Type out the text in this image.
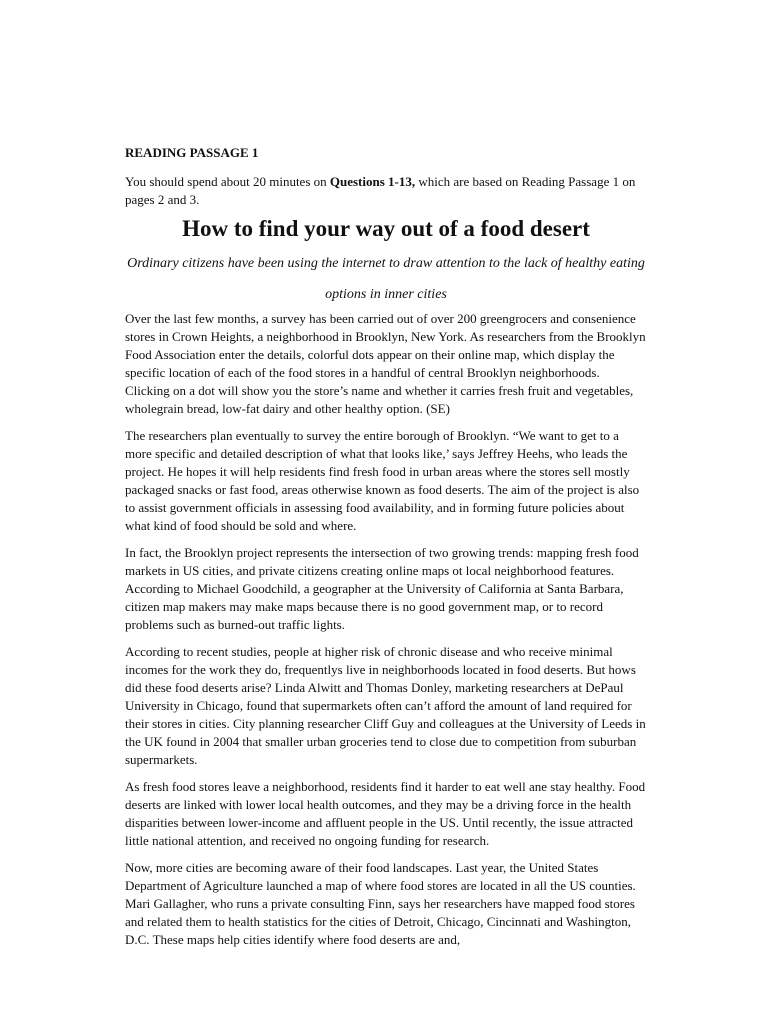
READING PASSAGE 1
You should spend about 20 minutes on Questions 1-13, which are based on Reading Passage 1 on pages 2 and 3.
How to find your way out of a food desert
Ordinary citizens have been using the internet to draw attention to the lack of healthy eating options in inner cities

Over the last few months, a survey has been carried out of over 200 greengrocers and consenience stores in Crown Heights, a neighborhood in Brooklyn, New York. As researchers from the Brooklyn Food Association enter the details, colorful dots appear on their online map, which display the specific location of each of the food stores in a handful of central Brooklyn neighborhoods. Clicking on a dot will show you the store’s name and whether it carries fresh fruit and vegetables, wholegrain bread, low-fat dairy and other healthy option. (SE)

The researchers plan eventually to survey the entire borough of Brooklyn. “We want to get to a more specific and detailed description of what that looks like,’ says Jeffrey Heehs, who leads the project. He hopes it will help residents find fresh food in urban areas where the stores sell mostly packaged snacks or fast food, areas otherwise known as food deserts. The aim of the project is also to assist government officials in assessing food availability, and in forming future policies about what kind of food should be sold and where.

In fact, the Brooklyn project represents the intersection of two growing trends: mapping fresh food markets in US cities, and private citizens creating online maps ot local neighborhood features. According to Michael Goodchild, a geographer at the University of California at Santa Barbara, citizen map makers may make maps because there is no good government map, or to record problems such as burned-out traffic lights.

According to recent studies, people at higher risk of chronic disease and who receive minimal incomes for the work they do, frequentlys live in neighborhoods located in food deserts. But hows did these food deserts arise? Linda Alwitt and Thomas Donley, marketing researchers at DePaul University in Chicago, found that supermarkets often can’t afford the amount of land required for their stores in cities. City planning researcher Cliff Guy and colleagues at the University of Leeds in the UK found in 2004 that smaller urban groceries tend to close due to competition from suburban supermarkets.

As fresh food stores leave a neighborhood, residents find it harder to eat well ane stay healthy. Food deserts are linked with lower local health outcomes, and they may be a driving force in the health disparities between lower-income and affluent people in the US. Until recently, the issue attracted little national attention, and received no ongoing funding for research.

Now, more cities are becoming aware of their food landscapes. Last year, the United States Department of Agriculture launched a map of where food stores are located in all the US counties. Mari Gallagher, who runs a private consulting Finn, says her researchers have mapped food stores and related them to health statistics for the cities of Detroit, Chicago, Cincinnati and Washington, D.C. These maps help cities identify where food deserts are and,
